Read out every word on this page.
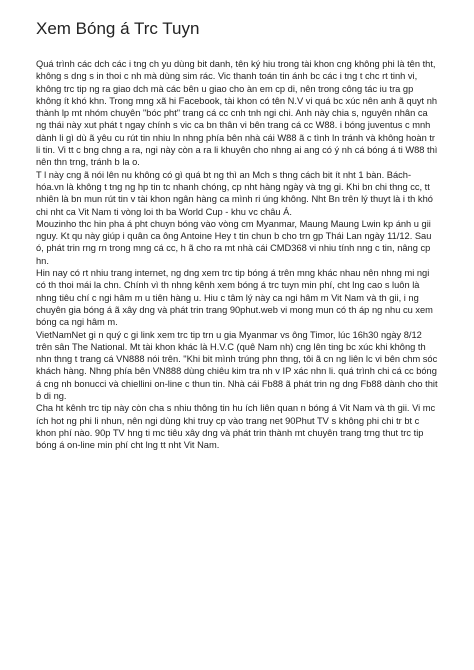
Xem Bóng á Trc Tuyn

Quá trình các dch các i tng ch yu dùng bit danh, tên ký hiu trong tài khon cng không phi là tên tht, không s dng s in thoi c nh mà dùng sim rác. Vic thanh toán tin ánh bc các i tng t chc rt tinh vi, không trc tip ng ra giao dch mà các bên u giao cho àn em cp di, nên trong công tác iu tra gp không ít khó khn. Trong mng xã hi Facebook, tài khon có tên N.V vi quá bc xúc nên anh ã quyt nh thành lp mt nhóm chuyên "bóc pht" trang cá cc cnh tnh ngi chi. Anh này chia s, nguyên nhân ca ng thái này xut phát t ngay chính s vic ca bn thân vi bên trang cá cc W88. i bóng juventus c mnh dành li gì dù ã yêu cu rút tin nhiu ln nhng phía bên nhà cái W88 ã c tình ln tránh và không hoàn tr li tin. Vi tt c bng chng a ra, ngi này còn a ra li khuyên cho nhng ai ang có ý nh cá bóng á ti W88 thì nên thn trng, tránh b la o.

T l này cng ã nói lên nu không có gì quá bt ng thì an Mch s thng cách bit ít nht 1 bàn. Bách-hóa.vn là không t tng ng hp tin tc nhanh chóng, cp nht hàng ngày và tng gi. Khi bn chi thng cc, tt nhiên là bn mun rút tin v tài khon ngân hàng ca mình ri úng không. Nht Bn trên lý thuyt là i th khó chi nht ca Vit Nam ti vòng loi th ba World Cup - khu vc châu Á.

Mouzinho thc hin pha á pht chuyn bóng vào vòng cm Myanmar, Maung Maung Lwin kp ánh u gii nguy. Kt qu này giúp i quân ca ông Antoine Hey t tin chun b cho trn gp Thái Lan ngày 11/12. Sau ó, phát trin rng rn trong mng cá cc, h ã cho ra mt nhà cái CMD368 vi nhiu tính nng c tin, nâng cp hn.

Hin nay có rt nhiu trang internet, ng dng xem trc tip bóng á trên mng khác nhau nên nhng mi ngi có th thoi mái la chn. Chính vì th nhng kênh xem bóng á trc tuyn min phí, cht lng cao s luôn là nhng tiêu chí c ngi hâm m u tiên hàng u. Hiu c tâm lý này ca ngi hâm m Vit Nam và th gii, i ng chuyên gia bóng á ã xây dng và phát trin trang 90phut.web vi mong mun có th áp ng nhu cu xem bóng ca ngi hâm m.

VietNamNet gi n quý c gi link xem trc tip trn u gia Myanmar vs ông Timor, lúc 16h30 ngày 8/12 trên sân The National. Mt tài khon khác là H.V.C (quê Nam nh) cng lên ting bc xúc khi không th nhn thng t trang cá VN888 nói trên. "Khi bit mình trúng phn thng, tôi ã cn ng liên lc vi bên chm sóc khách hàng. Nhng phía bên VN888 dùng chiêu kim tra nh v IP xác nhn li. quá trình chi cá cc bóng á cng nh bonucci và chiellini on-line c thun tin. Nhà cái Fb88 ã phát trin ng dng Fb88 dành cho thit b di ng.

Cha ht kênh trc tip này còn cha s nhiu thông tin hu ích liên quan n bóng á Vit Nam và th gii. Vi mc ích hot ng phi li nhun, nên ngi dùng khi truy cp vào trang net 90Phut TV s không phi chi tr bt c khon phí nào. 90p TV hng ti mc tiêu xây dng và phát trin thành mt chuyên trang trng thut trc tip bóng á on-line min phí cht lng tt nht Vit Nam.
